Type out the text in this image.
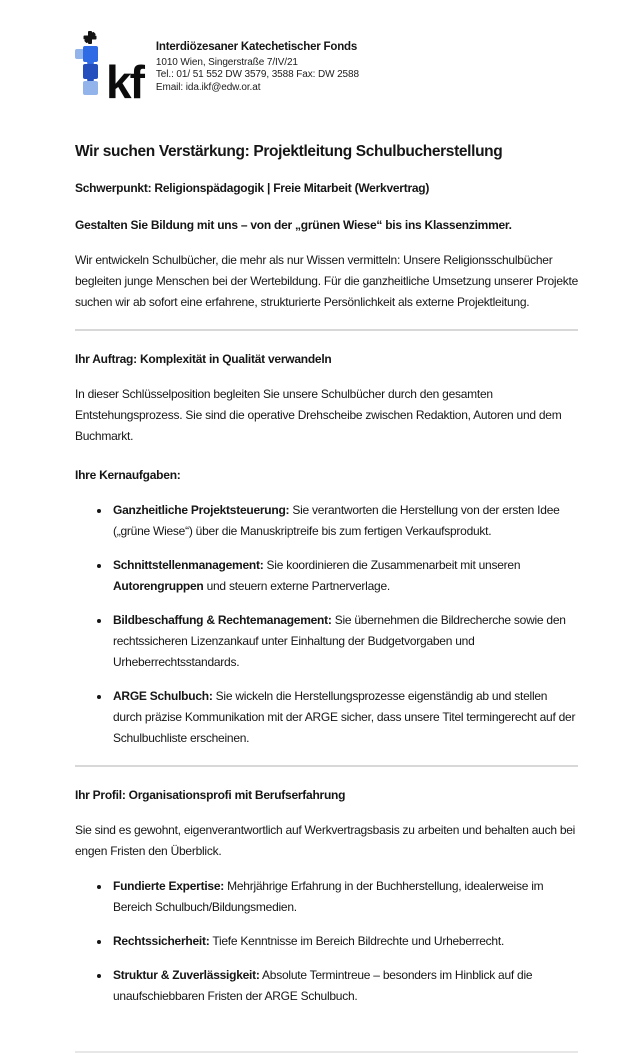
kf
Interdiözesaner Katechetischer Fonds
1010 Wien, Singerstraße 7/IV/21
Tel.: 01/ 51 552 DW 3579, 3588 Fax: DW 2588
Email: ida.ikf@edw.or.at
Wir suchen Verstärkung: Projektleitung Schulbucherstellung
Schwerpunkt: Religionspädagogik | Freie Mitarbeit (Werkvertrag)
Gestalten Sie Bildung mit uns – von der „grünen Wiese“ bis ins Klassenzimmer.
Wir entwickeln Schulbücher, die mehr als nur Wissen vermitteln: Unsere Religionsschulbücher begleiten junge Menschen bei der Wertebildung. Für die ganzheitliche Umsetzung unserer Projekte suchen wir ab sofort eine erfahrene, strukturierte Persönlichkeit als externe Projektleitung.
Ihr Auftrag: Komplexität in Qualität verwandeln
In dieser Schlüsselposition begleiten Sie unsere Schulbücher durch den gesamten Entstehungsprozess. Sie sind die operative Drehscheibe zwischen Redaktion, Autoren und dem Buchmarkt.
Ihre Kernaufgaben:
• Ganzheitliche Projektsteuerung: Sie verantworten die Herstellung von der ersten Idee („grüne Wiese“) über die Manuskriptreife bis zum fertigen Verkaufsprodukt.
• Schnittstellenmanagement: Sie koordinieren die Zusammenarbeit mit unseren Autorengruppen und steuern externe Partnerverlage.
• Bildbeschaffung & Rechtemanagement: Sie übernehmen die Bildrecherche sowie den rechtssicheren Lizenzankauf unter Einhaltung der Budgetvorgaben und Urheberrechtsstandards.
• ARGE Schulbuch: Sie wickeln die Herstellungsprozesse eigenständig ab und stellen durch präzise Kommunikation mit der ARGE sicher, dass unsere Titel termingerecht auf der Schulbuchliste erscheinen.
Ihr Profil: Organisationsprofi mit Berufserfahrung
Sie sind es gewohnt, eigenverantwortlich auf Werkvertragsbasis zu arbeiten und behalten auch bei engen Fristen den Überblick.
• Fundierte Expertise: Mehrjährige Erfahrung in der Buchherstellung, idealerweise im Bereich Schulbuch/Bildungsmedien.
• Rechtssicherheit: Tiefe Kenntnisse im Bereich Bildrechte und Urheberrecht.
• Struktur & Zuverlässigkeit: Absolute Termintreue – besonders im Hinblick auf die unaufschiebbaren Fristen der ARGE Schulbuch.
